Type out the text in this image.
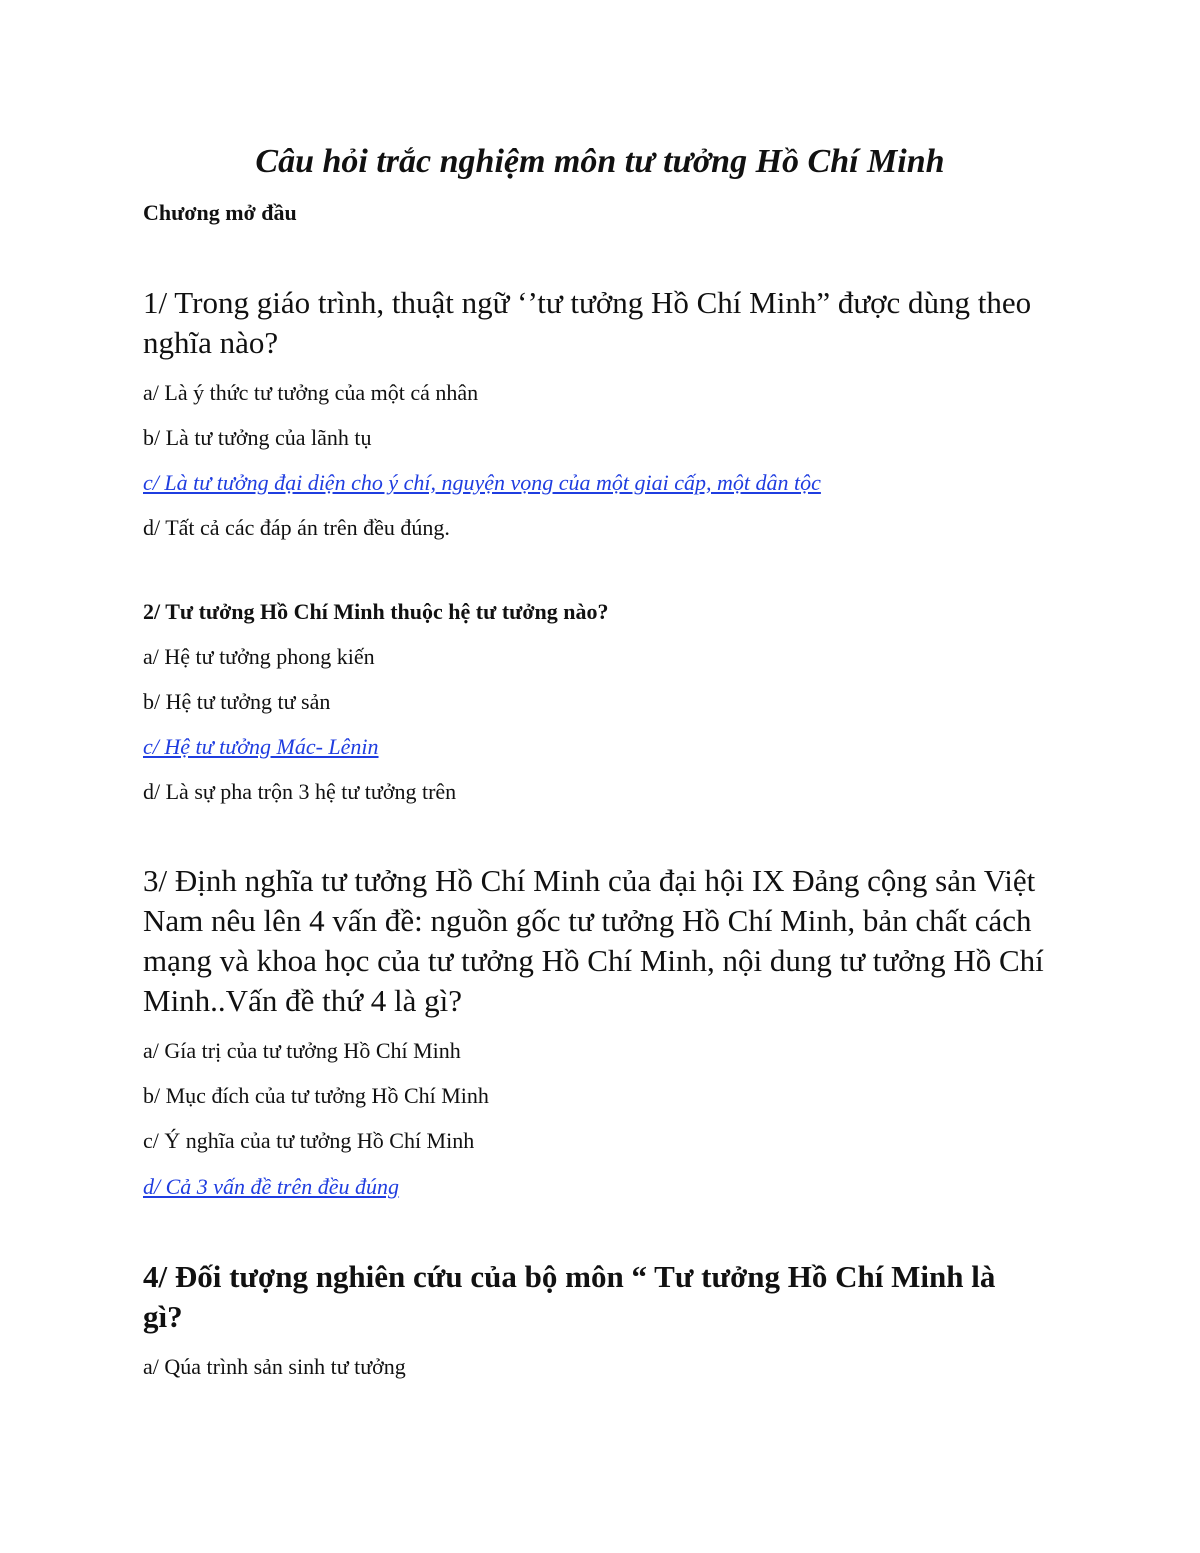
Câu hỏi trắc nghiệm môn tư tưởng Hồ Chí Minh
Chương mở đầu
1/ Trong giáo trình, thuật ngữ ‘’tư tưởng Hồ Chí Minh” được dùng theo nghĩa nào?
a/ Là ý thức tư tưởng của một cá nhân
b/ Là tư tưởng của lãnh tụ
c/ Là tư tưởng đại diện cho ý chí, nguyện vọng của một giai cấp, một dân tộc
d/ Tất cả các đáp án trên đều đúng.
2/ Tư tưởng Hồ Chí Minh thuộc hệ tư tưởng nào?
a/ Hệ tư tưởng phong kiến
b/ Hệ tư tưởng tư sản
c/ Hệ tư tưởng Mác- Lênin
d/ Là sự pha trộn 3 hệ tư tưởng trên
3/ Định nghĩa tư tưởng Hồ Chí Minh của đại hội IX Đảng cộng sản Việt Nam nêu lên 4 vấn đề: nguồn gốc tư tưởng Hồ Chí Minh, bản chất cách mạng và khoa học của tư tưởng Hồ Chí Minh, nội dung tư tưởng Hồ Chí Minh..Vấn đề thứ 4 là gì?
a/ Gía trị của tư tưởng Hồ Chí Minh
b/ Mục đích của tư tưởng Hồ Chí Minh
c/ Ý nghĩa của tư tưởng Hồ Chí Minh
d/ Cả 3 vấn đề trên đều đúng
4/ Đối tượng nghiên cứu của bộ môn “ Tư tưởng Hồ Chí Minh là gì?
a/ Qúa trình sản sinh tư tưởng
